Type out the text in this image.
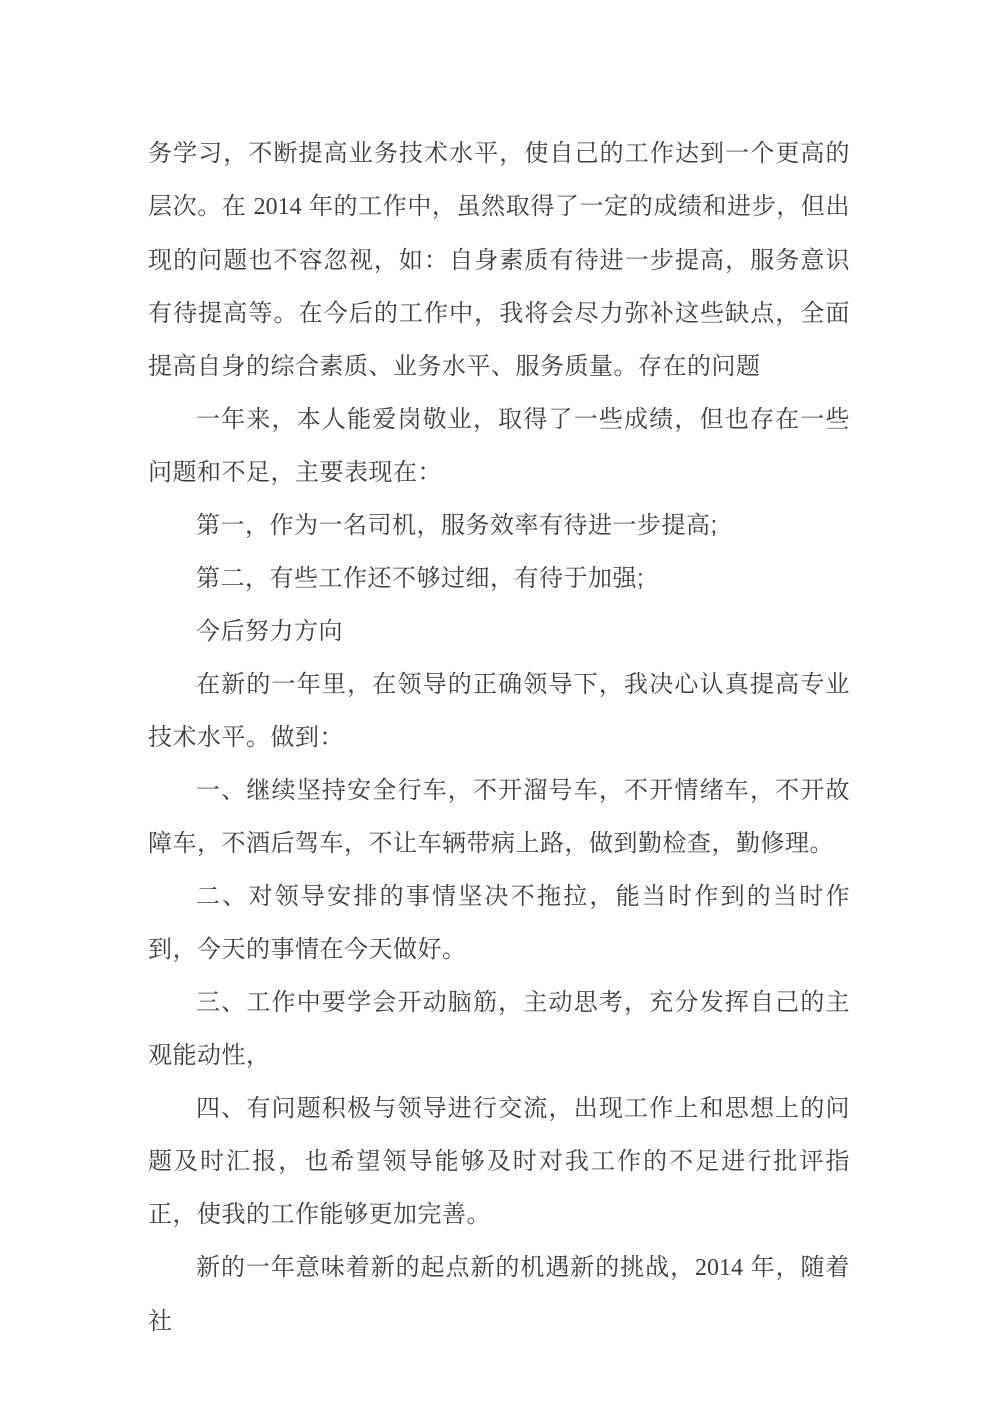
务学习，不断提高业务技术水平，使自己的工作达到一个更高的层次。在 2014 年的工作中，虽然取得了一定的成绩和进步，但出现的问题也不容忽视，如：自身素质有待进一步提高，服务意识有待提高等。在今后的工作中，我将会尽力弥补这些缺点，全面提高自身的综合素质、业务水平、服务质量。存在的问题

一年来，本人能爱岗敬业，取得了一些成绩，但也存在一些问题和不足，主要表现在：

第一，作为一名司机，服务效率有待进一步提高;

第二，有些工作还不够过细，有待于加强;

今后努力方向

在新的一年里，在领导的正确领导下，我决心认真提高专业技术水平。做到：

一、继续坚持安全行车，不开溜号车，不开情绪车，不开故障车，不酒后驾车，不让车辆带病上路，做到勤检查，勤修理。

二、对领导安排的事情坚决不拖拉，能当时作到的当时作到，今天的事情在今天做好。

三、工作中要学会开动脑筋，主动思考，充分发挥自己的主观能动性，

四、有问题积极与领导进行交流，出现工作上和思想上的问题及时汇报，也希望领导能够及时对我工作的不足进行批评指正，使我的工作能够更加完善。

新的一年意味着新的起点新的机遇新的挑战，2014 年，随着社
